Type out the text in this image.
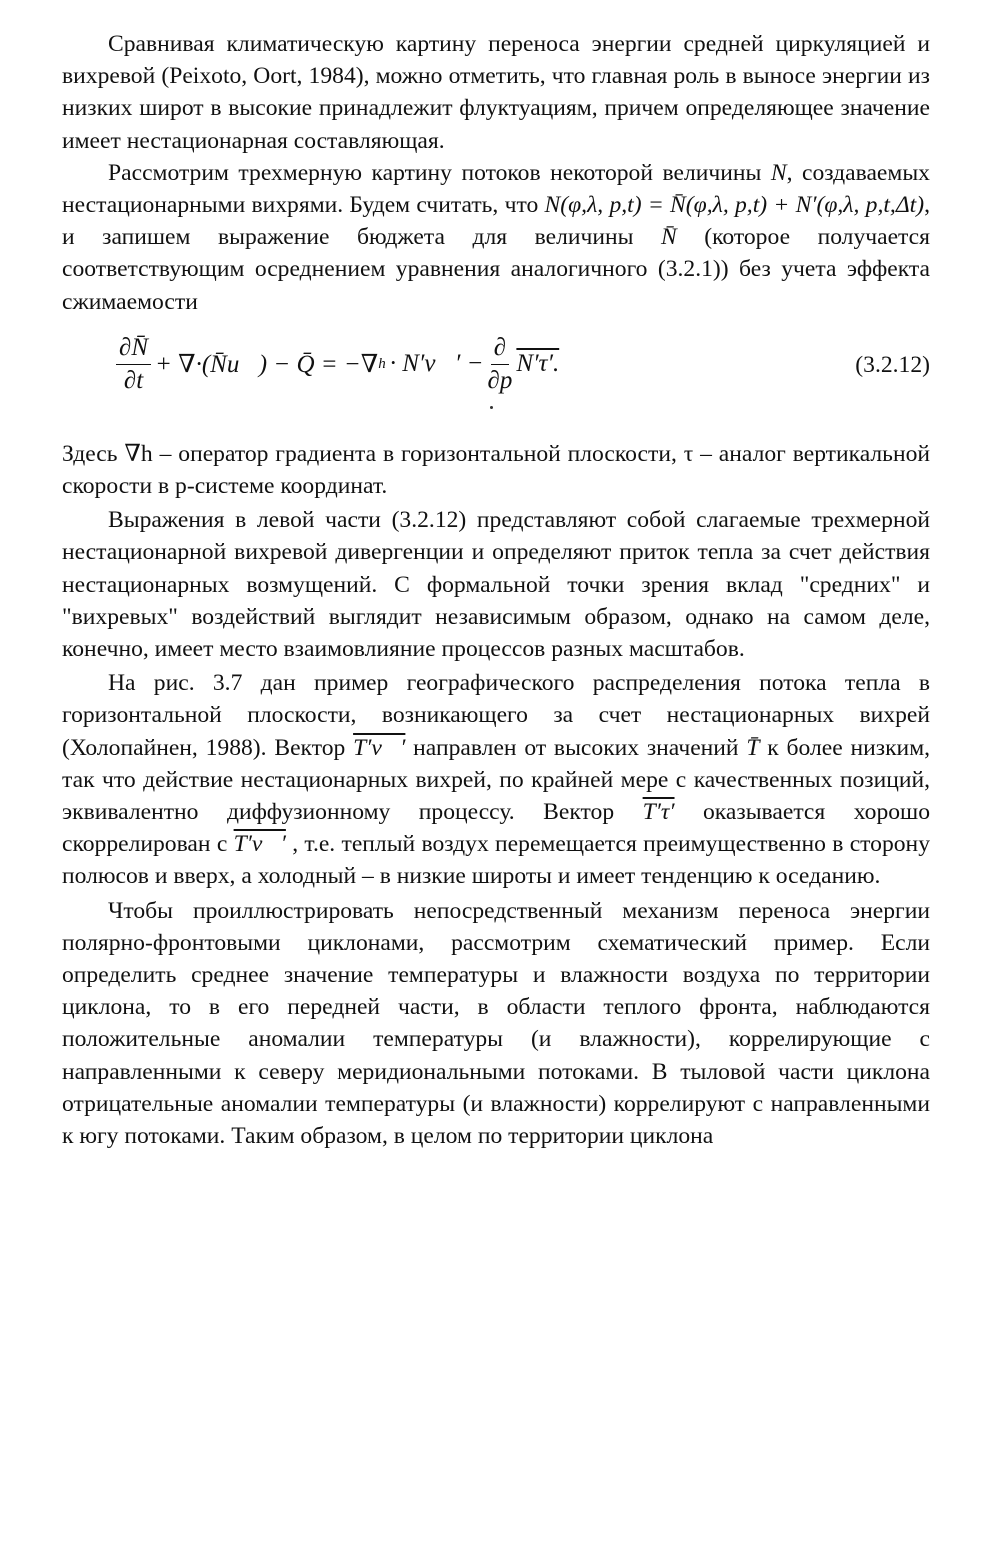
Сравнивая климатическую картину переноса энергии средней циркуляцией и вихревой (Peixoto, Oort, 1984), можно отметить, что главная роль в выносе энергии из низких широт в высокие принадлежит флуктуациям, причем определяющее значение имеет нестационарная составляющая.

Рассмотрим трехмерную картину потоков некоторой величины N, создаваемых нестационарными вихрями. Будем считать, что N(φ,λ, p,t) = N̄(φ,λ, p,t) + N′(φ,λ, p,t,Δt), и запишем выражение бюджета для величины N̄ (которое получается соответствующим осреднением уравнения аналогичного (3.2.1)) без учета эффекта сжимаемости

$\frac{\partial N̄}{\partial t}$ + ∇·(N̄u⃗) − Q̄ = −∇ h · N′v⃗′ − $\frac{\partial}{\partial p} N'\tau'$.	(3.2.12)

Здесь ∇h – оператор градиента в горизонтальной плоскости, τ – аналог вертикальной скорости в p-системе координат.

Выражения в левой части (3.2.12) представляют собой слагаемые трехмерной нестационарной вихревой дивергенции и определяют приток тепла за счет действия нестационарных возмущений. С формальной точки зрения вклад "средних" и "вихревых" воздействий выглядит независимым образом, однако на самом деле, конечно, имеет место взаимовлияние процессов разных масштабов.

На рис. 3.7 дан пример географического распределения потока тепла в горизонтальной плоскости, возникающего за счет нестационарных вихрей (Холопайнен, 1988). Вектор T′v⃗′ направлен от высоких значений T̄ к более низким, так что действие нестационарных вихрей, по крайней мере с качественных позиций, эквивалентно диффузионному процессу. Вектор T′τ′ оказывается хорошо скоррелирован с T′v⃗′ , т.е. теплый воздух перемещается преимущественно в сторону полюсов и вверх, а холодный – в низкие широты и имеет тенденцию к оседанию.

Чтобы проиллюстрировать непосредственный механизм переноса энергии полярно-фронтовыми циклонами, рассмотрим схематический пример. Если определить среднее значение температуры и влажности воздуха по территории циклона, то в его передней части, в области теплого фронта, наблюдаются положительные аномалии температуры (и влажности), коррелирующие с направленными к северу меридиональными потоками. В тыловой части циклона отрицательные аномалии температуры (и влажности) коррелируют с направленными к югу потоками. Таким образом, в целом по территории циклона
